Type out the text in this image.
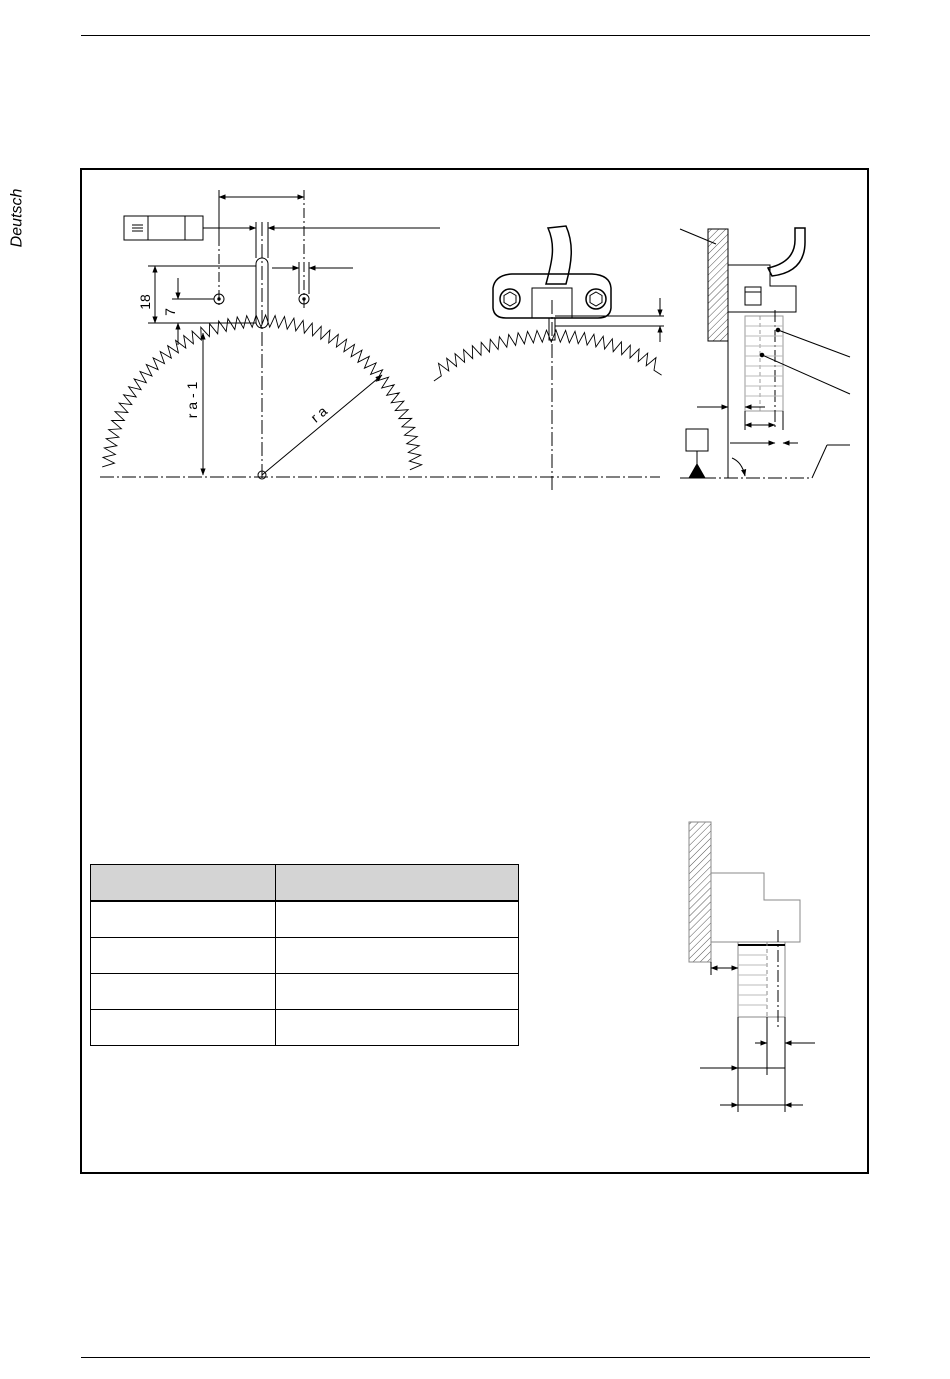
Deutsch
18
7
r a - 1	r a
